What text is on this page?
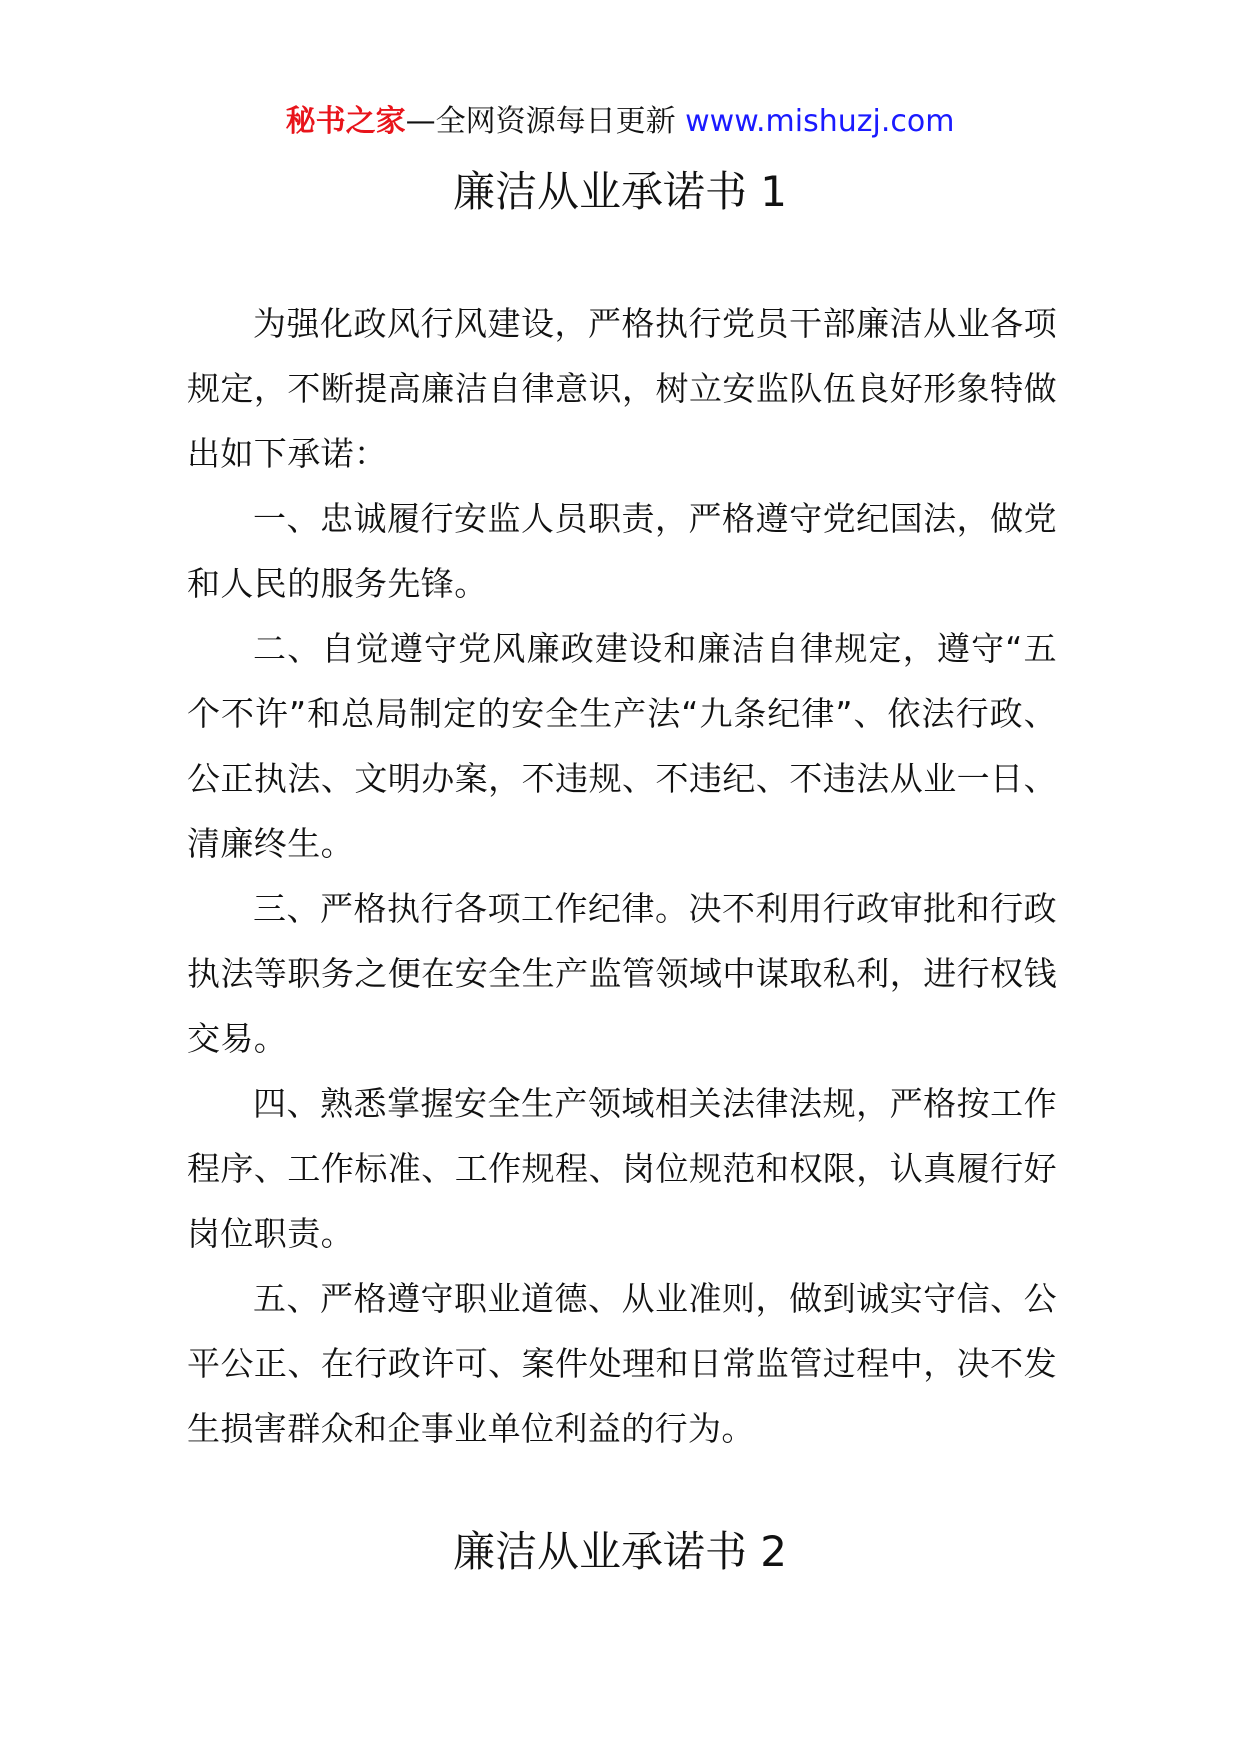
秘书之家—全网资源每日更新 www.mishuzj.com
廉洁从业承诺书 1

为强化政风行风建设，严格执行党员干部廉洁从业各项规定，不断提高廉洁自律意识，树立安监队伍良好形象特做出如下承诺：

一、忠诚履行安监人员职责，严格遵守党纪国法，做党和人民的服务先锋。

二、自觉遵守党风廉政建设和廉洁自律规定，遵守“五个不许”和总局制定的安全生产法“九条纪律”、依法行政、公正执法、文明办案，不违规、不违纪、不违法从业一日、清廉终生。

三、严格执行各项工作纪律。决不利用行政审批和行政执法等职务之便在安全生产监管领域中谋取私利，进行权钱交易。

四、熟悉掌握安全生产领域相关法律法规，严格按工作程序、工作标准、工作规程、岗位规范和权限，认真履行好岗位职责。

五、严格遵守职业道德、从业准则，做到诚实守信、公平公正、在行政许可、案件处理和日常监管过程中，决不发生损害群众和企事业单位利益的行为。

廉洁从业承诺书 2
